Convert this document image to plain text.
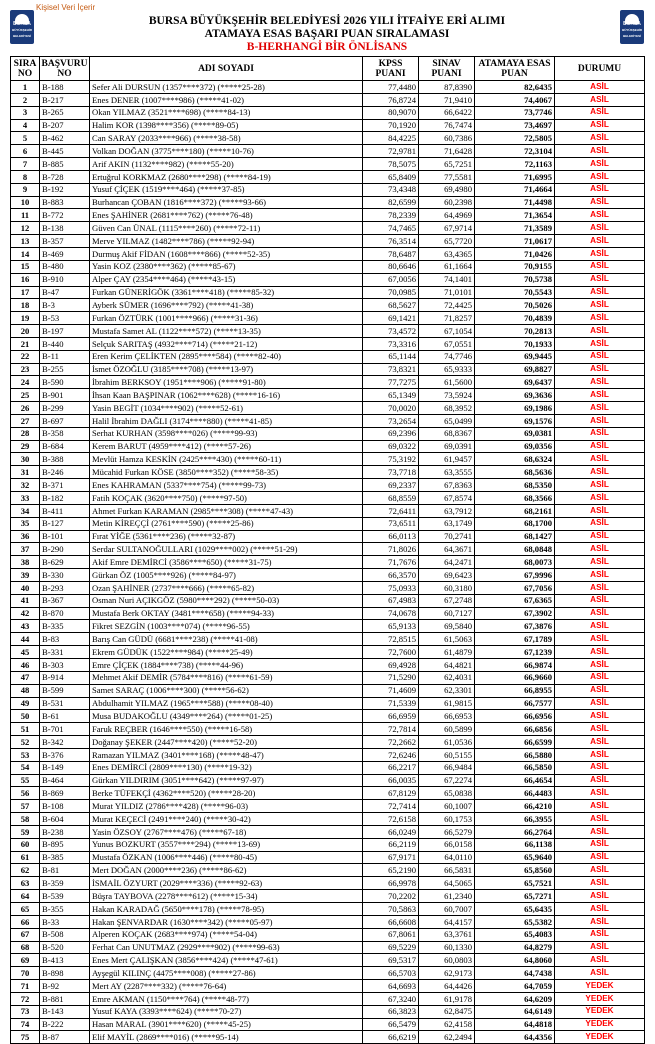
BURSA
BÜYÜKŞEHİR BELEDİYESİ
Kişisel Veri İçerir
BURSA BÜYÜKŞEHİR BELEDİYESİ 2026 YILI İTFAİYE ERİ ALIMI
ATAMAYA ESAS BAŞARI PUAN SIRALAMASI
B-HERHANGİ BİR ÖNLİSANS
BURSA
BÜYÜKŞEHİR BELEDİYESİ
SIRA NO	BAŞVURU NO	ADI SOYADI	KPSS PUANI	SINAV PUANI	ATAMAYA ESAS PUAN	DURUMU
1	B-188	Sefer Ali DURSUN (1357****372) (*****25-28)	77,4480	87,8390	82,6435	ASİL
2	B-217	Enes DENER (1007****986) (*****41-02)	76,8724	71,9410	74,4067	ASİL
3	B-265	Okan YILMAZ (3521****698) (*****84-13)	80,9070	66,6422	73,7746	ASİL
4	B-207	Halim KOR (1398****356) (*****89-05)	70,1920	76,7474	73,4697	ASİL
5	B-462	Can SARAY (2033****966) (*****38-58)	84,4225	60,7386	72,5805	ASİL
6	B-445	Volkan DOĞAN (3775****180) (*****10-76)	72,9781	71,6428	72,3104	ASİL
7	B-885	Arif AKIN (1132****982) (*****55-20)	78,5075	65,7251	72,1163	ASİL
8	B-728	Ertuğrul KORKMAZ (2680****298) (*****84-19)	65,8409	77,5581	71,6995	ASİL
9	B-192	Yusuf ÇİÇEK (1519****464) (*****37-85)	73,4348	69,4980	71,4664	ASİL
10	B-883	Burhancan ÇOBAN (1816****372) (*****93-66)	82,6599	60,2398	71,4498	ASİL
11	B-772	Enes ŞAHİNER (2681****762) (*****76-48)	78,2339	64,4969	71,3654	ASİL
12	B-138	Güven Can ÜNAL (1115****260) (*****72-11)	74,7465	67,9714	71,3589	ASİL
13	B-357	Merve YILMAZ (1482****786) (*****92-94)	76,3514	65,7720	71,0617	ASİL
14	B-469	Durmuş Akif FİDAN (1608****866) (*****52-35)	78,6487	63,4365	71,0426	ASİL
15	B-480	Yasin KOZ (2380****362) (*****85-67)	80,6646	61,1664	70,9155	ASİL
16	B-910	Alper ÇAY (2354****464) (*****43-15)	67,0056	74,1401	70,5738	ASİL
17	B-47	Furkan GÜNERİGÖK (3361****418) (*****85-32)	70,0985	71,0101	70,5543	ASİL
18	B-3	Ayberk SÜMER (1696****792) (*****41-38)	68,5627	72,4425	70,5026	ASİL
19	B-53	Furkan ÖZTÜRK (1001****966) (*****31-36)	69,1421	71,8257	70,4839	ASİL
20	B-197	Mustafa Samet AL (1122****572) (*****13-35)	73,4572	67,1054	70,2813	ASİL
21	B-440	Selçuk SARITAŞ (4932****714) (*****21-12)	73,3316	67,0551	70,1933	ASİL
22	B-11	Eren Kerim ÇELİKTEN (2895****584) (*****82-40)	65,1144	74,7746	69,9445	ASİL
23	B-255	İsmet ÖZOĞLU (3185****708) (*****13-97)	73,8321	65,9333	69,8827	ASİL
24	B-590	İbrahim BERKSOY (1951****906) (*****91-80)	77,7275	61,5600	69,6437	ASİL
25	B-901	İhsan Kaan BAŞPINAR (1062****628) (*****16-16)	65,1349	73,5924	69,3636	ASİL
26	B-299	Yasin BEGİT (1034****902) (*****52-61)	70,0020	68,3952	69,1986	ASİL
27	B-697	Halil İbrahim DAĞLI (3174****880) (*****41-85)	73,2654	65,0499	69,1576	ASİL
28	B-358	Serhat KURHAN (3598****026) (*****99-93)	69,2396	68,8367	69,0381	ASİL
29	B-684	Kerem BARUT (4959****412) (*****57-26)	69,0322	69,0391	69,0356	ASİL
30	B-388	Mevlüt Hamza KESKİN (2425****430) (*****60-11)	75,3192	61,9457	68,6324	ASİL
31	B-246	Mücahid Furkan KÖSE (3850****352) (*****58-35)	73,7718	63,3555	68,5636	ASİL
32	B-371	Enes KAHRAMAN (5337****754) (*****99-73)	69,2337	67,8363	68,5350	ASİL
33	B-182	Fatih KOÇAK (3620****750) (*****97-50)	68,8559	67,8574	68,3566	ASİL
34	B-411	Ahmet Furkan KARAMAN (2985****308) (*****47-43)	72,6411	63,7912	68,2161	ASİL
35	B-127	Metin KİREÇÇİ (2761****590) (*****25-86)	73,6511	63,1749	68,1700	ASİL
36	B-101	Fırat YİĞE (5361****236) (*****32-87)	66,0113	70,2741	68,1427	ASİL
37	B-290	Serdar SULTANOĞULLARI (1029****002) (*****51-29)	71,8026	64,3671	68,0848	ASİL
38	B-629	Akif Emre DEMİRCİ (3586****650) (*****31-75)	71,7676	64,2471	68,0073	ASİL
39	B-330	Gürkan ÖZ (1005****926) (*****84-97)	66,3570	69,6423	67,9996	ASİL
40	B-293	Ozan ŞAHİNER (2737****666) (*****65-82)	75,0933	60,3180	67,7056	ASİL
41	B-367	Osman Nuri AÇIKGÖZ (5980****292) (*****50-03)	67,4983	67,2748	67,6365	ASİL
42	B-870	Mustafa Berk OKTAY (3481****658) (*****94-33)	74,0678	60,7127	67,3902	ASİL
43	B-335	Fikret SEZGİN (1003****074) (*****96-55)	65,9133	69,5840	67,3876	ASİL
44	B-83	Barış Can GÜDÜ (6681****238) (*****41-08)	72,8515	61,5063	67,1789	ASİL
45	B-331	Ekrem GÜDÜK (1522****984) (*****25-49)	72,7600	61,4879	67,1239	ASİL
46	B-303	Emre ÇİÇEK (1884****738) (*****44-96)	69,4928	64,4821	66,9874	ASİL
47	B-914	Mehmet Akif DEMİR (5784****816) (*****61-59)	71,5290	62,4031	66,9660	ASİL
48	B-599	Samet SARAÇ (1006****300) (*****56-62)	71,4609	62,3301	66,8955	ASİL
49	B-531	Abdulhamit YILMAZ (1965****588) (*****08-40)	71,5339	61,9815	66,7577	ASİL
50	B-61	Musa BUDAKOĞLU (4349****264) (*****01-25)	66,6959	66,6953	66,6956	ASİL
51	B-701	Faruk REÇBER (1646****550) (*****16-58)	72,7814	60,5899	66,6856	ASİL
52	B-342	Doğanay ŞEKER (2447****420) (*****52-20)	72,2662	61,0536	66,6599	ASİL
53	B-376	Ramazan YILMAZ (3401****168) (*****48-47)	72,6246	60,5155	66,5880	ASİL
54	B-149	Enes DEMİRCİ (2809****130) (*****19-32)	66,2217	66,9484	66,5850	ASİL
55	B-464	Gürkan YILDIRIM (3051****642) (*****97-97)	66,0035	67,2274	66,4654	ASİL
56	B-869	Berke TÜFEKÇİ (4362****520) (*****28-20)	67,8129	65,0838	66,4483	ASİL
57	B-108	Murat YILDIZ (2786****428) (*****96-03)	72,7414	60,1007	66,4210	ASİL
58	B-604	Murat KEÇECİ (2491****240) (*****30-42)	72,6158	60,1753	66,3955	ASİL
59	B-238	Yasin ÖZSOY (2767****476) (*****67-18)	66,0249	66,5279	66,2764	ASİL
60	B-895	Yunus BOZKURT (3557****294) (*****13-69)	66,2119	66,0158	66,1138	ASİL
61	B-385	Mustafa ÖZKAN (1006****446) (*****80-45)	67,9171	64,0110	65,9640	ASİL
62	B-81	Mert DOĞAN (2000****236) (*****86-62)	65,2190	66,5831	65,8560	ASİL
63	B-359	İSMAİL ÖZYURT (2029****336) (*****92-63)	66,9978	64,5065	65,7521	ASİL
64	B-539	Büşra TAYBOVA (2278****612) (*****15-34)	70,2202	61,2340	65,7271	ASİL
65	B-355	Hakan KARADAĞ (5650****178) (*****78-95)	70,5863	60,7007	65,6435	ASİL
66	B-33	Hakan ŞENVARDAR (1630****342) (*****05-97)	66,6608	64,4157	65,5382	ASİL
67	B-508	Alperen KOÇAK (2683****974) (*****54-04)	67,8061	63,3761	65,4083	ASİL
68	B-520	Ferhat Can UNUTMAZ (2929****902) (*****99-63)	69,5229	60,1330	64,8279	ASİL
69	B-413	Enes Mert ÇALIŞKAN (3856****424) (*****47-61)	69,5317	60,0803	64,8060	ASİL
70	B-898	Ayşegül KILINÇ (4475****008) (*****27-86)	66,5703	62,9173	64,7438	ASİL
71	B-92	Mert AY (2287****332) (*****76-64)	64,6693	64,4426	64,7059	YEDEK
72	B-881	Emre AKMAN (1150****764) (*****48-77)	67,3240	61,9178	64,6209	YEDEK
73	B-143	Yusuf KAYA (3393****624) (*****70-27)	66,3823	62,8475	64,6149	YEDEK
74	B-222	Hasan MARAL (3901****620) (*****45-25)	66,5479	62,4158	64,4818	YEDEK
75	B-87	Elif MAYİL (2869****016) (*****95-14)	66,6219	62,2494	64,4356	YEDEK
